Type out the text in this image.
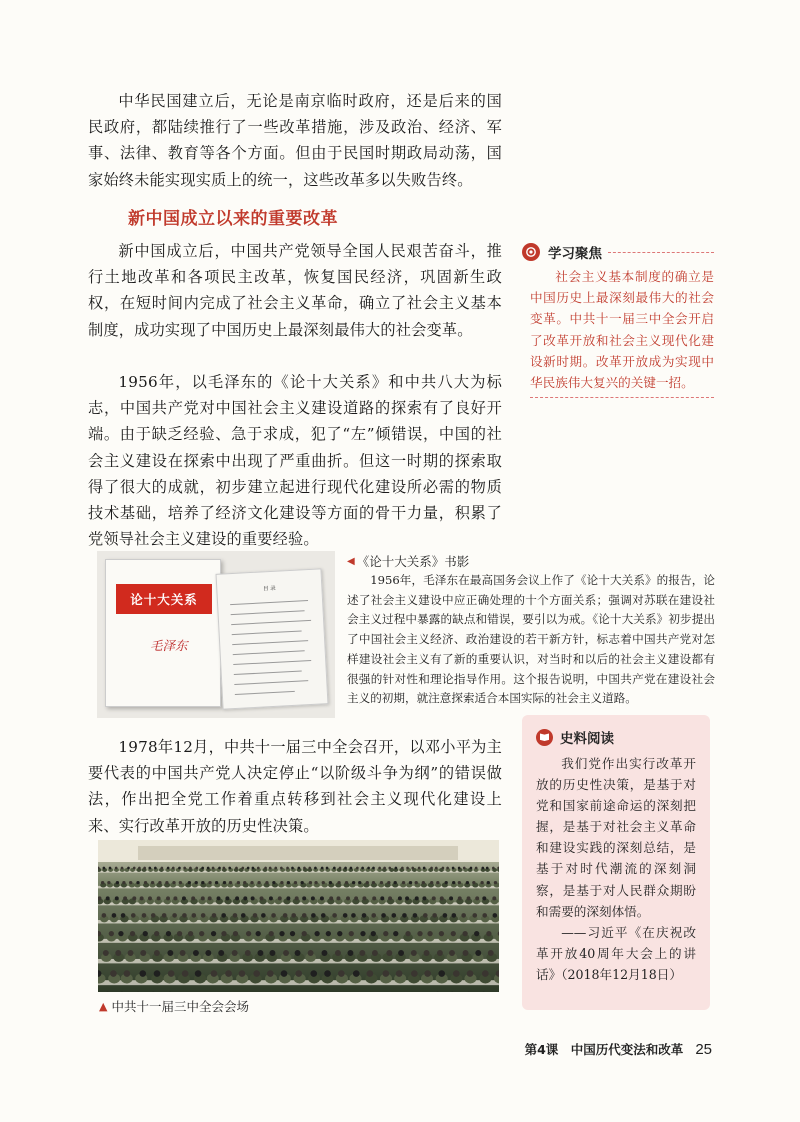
中华民国建立后，无论是南京临时政府，还是后来的国民政府，都陆续推行了一些改革措施，涉及政治、经济、军事、法律、教育等各个方面。但由于民国时期政局动荡，国家始终未能实现实质上的统一，这些改革多以失败告终。
新中国成立以来的重要改革
新中国成立后，中国共产党领导全国人民艰苦奋斗，推行土地改革和各项民主改革，恢复国民经济，巩固新生政权，在短时间内完成了社会主义革命，确立了社会主义基本制度，成功实现了中国历史上最深刻最伟大的社会变革。
1956年，以毛泽东的《论十大关系》和中共八大为标志，中国共产党对中国社会主义建设道路的探索有了良好开端。由于缺乏经验、急于求成，犯了“左”倾错误，中国的社会主义建设在探索中出现了严重曲折。但这一时期的探索取得了很大的成就，初步建立起进行现代化建设所必需的物质技术基础，培养了经济文化建设等方面的骨干力量，积累了党领导社会主义建设的重要经验。
学习聚焦
社会主义基本制度的确立是中国历史上最深刻最伟大的社会变革。中共十一届三中全会开启了改革开放和社会主义现代化建设新时期。改革开放成为实现中华民族伟大复兴的关键一招。
论十大关系
毛泽东
目 录
◀ 《论十大关系》书影
1956年，毛泽东在最高国务会议上作了《论十大关系》的报告，论述了社会主义建设中应正确处理的十个方面关系；强调对苏联在建设社会主义过程中暴露的缺点和错误，要引以为戒。《论十大关系》初步提出了中国社会主义经济、政治建设的若干新方针，标志着中国共产党对怎样建设社会主义有了新的重要认识，对当时和以后的社会主义建设都有很强的针对性和理论指导作用。这个报告说明，中国共产党在建设社会主义的初期，就注意探索适合本国实际的社会主义道路。
1978年12月，中共十一届三中全会召开，以邓小平为主要代表的中国共产党人决定停止“以阶级斗争为纲”的错误做法，作出把全党工作着重点转移到社会主义现代化建设上来、实行改革开放的历史性决策。
史料阅读
我们党作出实行改革开放的历史性决策，是基于对党和国家前途命运的深刻把握，是基于对社会主义革命和建设实践的深刻总结，是基于对时代潮流的深刻洞察，是基于对人民群众期盼和需要的深刻体悟。
——习近平《在庆祝改革开放40周年大会上的讲话》（2018年12月18日）
▲ 中共十一届三中全会会场
第4课　中国历代变法和改革 25
